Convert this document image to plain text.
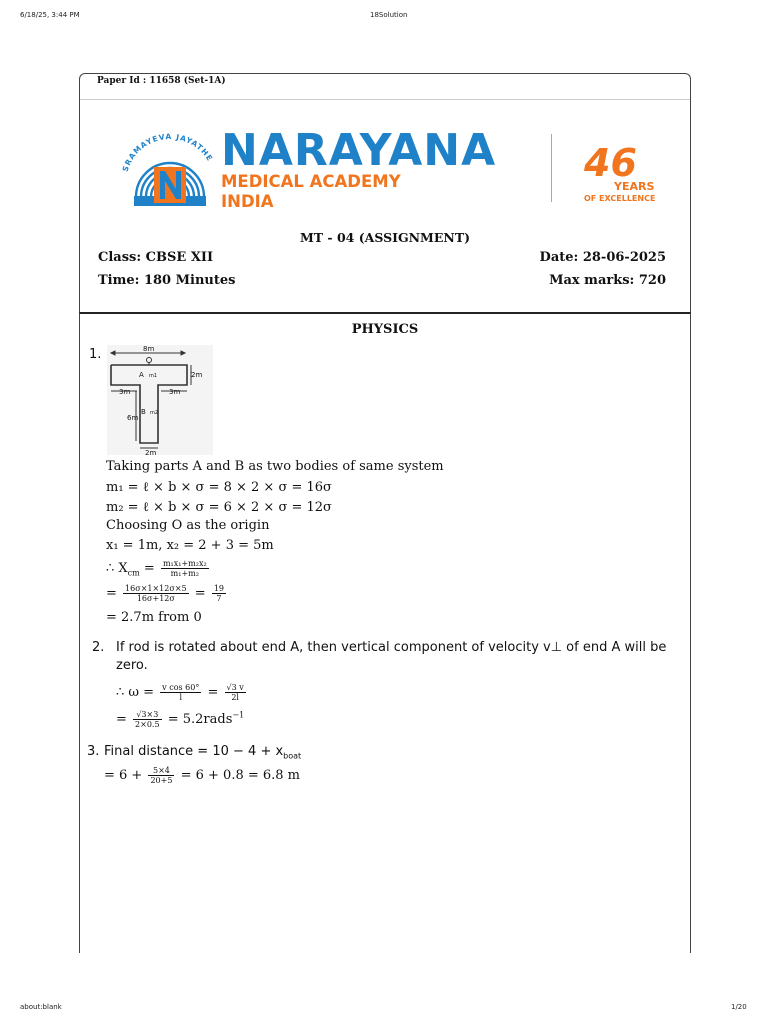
6/18/25, 3:44 PM	18Solution
about:blank	1/20
Paper Id : 11658 (Set-1A)
SRAMAYEVA JAYATHE NARAYANA
MEDICAL ACADEMY
INDIA
46
YEARS
OF EXCELLENCE
MT - 04 (ASSIGNMENT)
Class: CBSE XII	Date: 28-06-2025
Time: 180 Minutes	Max marks: 720
PHYSICS
1.	8m
2m
3m	3m
6m
2m
A m1
B m2
Taking parts A and B as two bodies of same system
m₁ = ℓ × b × σ = 8 × 2 × σ = 16σ
m₂ = ℓ × b × σ = 6 × 2 × σ = 12σ
Choosing O as the origin
x₁ = 1m, x₂ = 2 + 3 = 5m
∴ $X_{cm} = \frac{\text{m₁x₁+m₂x₂}}{\text{m₁+m₂}}$
= $\frac{16\sigma\times 1\times 12\sigma\times 5}{16\sigma+12\sigma} = \frac{19}{7}$
= 2.7m from 0
2. If rod is rotated about end A, then vertical component of velocity v⊥ of end A will be
zero.
∴ $\omega = \frac{\text{v cos 60°}}{l} = \frac{√3 v}{2l}$
= $\frac{√3\times 3}{2\times 0.5}$ = 5.2rads$^{-1}$
3. Final distance = $10 - 4 + x_{boat}$
= $6 + \frac{5\times 4}{20+5} = 6 + 0.8 = 6.8$ m
